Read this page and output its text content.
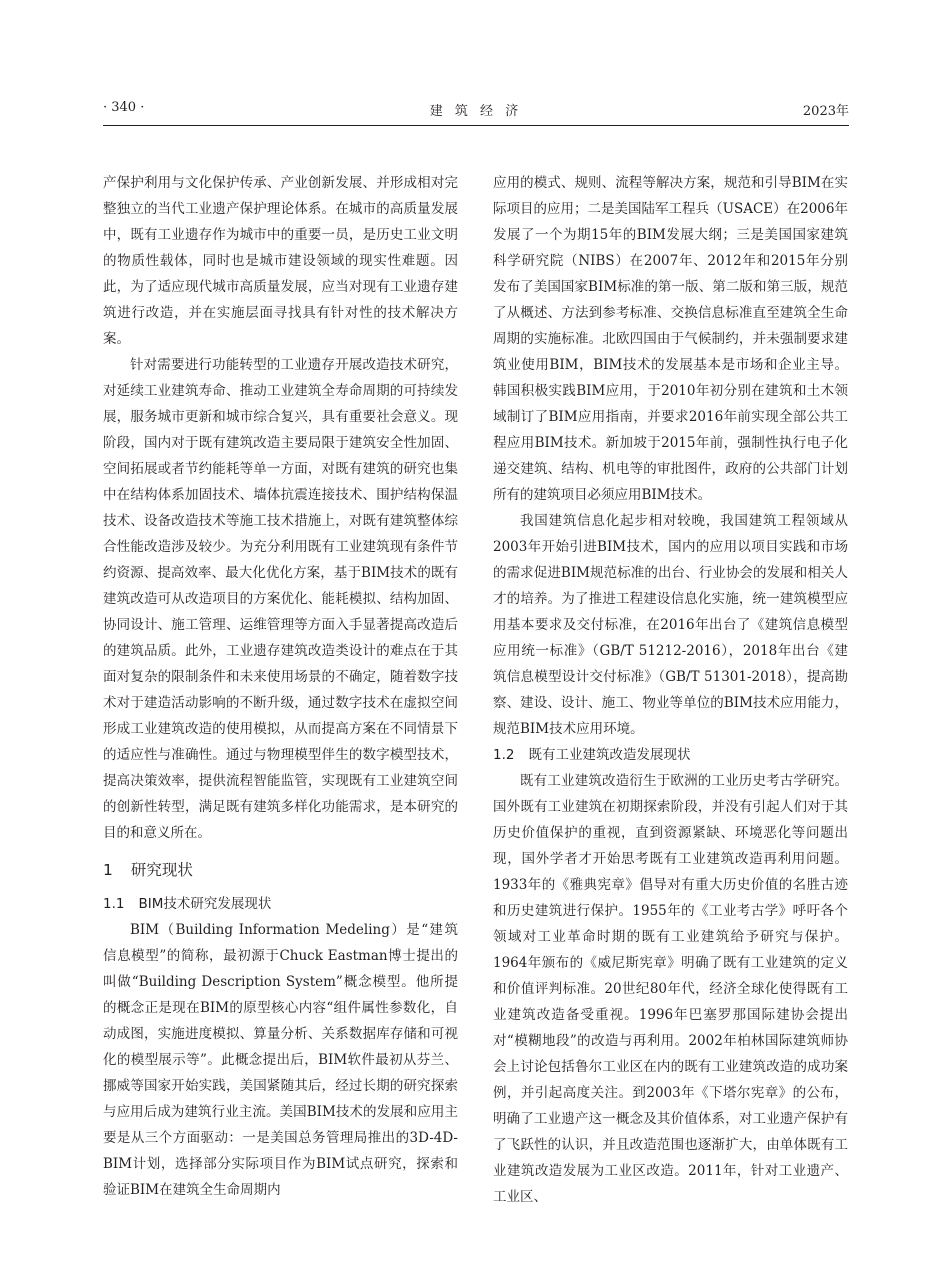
· 340 ·	建 筑 经 济	2023年

产保护利用与文化保护传承、产业创新发展、并形成相对完整独立的当代工业遗产保护理论体系。在城市的高质量发展中，既有工业遗存作为城市中的重要一员，是历史工业文明的物质性载体，同时也是城市建设领域的现实性难题。因此，为了适应现代城市高质量发展，应当对现有工业遗存建筑进行改造，并在实施层面寻找具有针对性的技术解决方案。

针对需要进行功能转型的工业遗存开展改造技术研究，对延续工业建筑寿命、推动工业建筑全寿命周期的可持续发展，服务城市更新和城市综合复兴，具有重要社会意义。现阶段，国内对于既有建筑改造主要局限于建筑安全性加固、空间拓展或者节约能耗等单一方面，对既有建筑的研究也集中在结构体系加固技术、墙体抗震连接技术、围护结构保温技术、设备改造技术等施工技术措施上，对既有建筑整体综合性能改造涉及较少。为充分利用既有工业建筑现有条件节约资源、提高效率、最大化优化方案，基于BIM技术的既有建筑改造可从改造项目的方案优化、能耗模拟、结构加固、协同设计、施工管理、运维管理等方面入手显著提高改造后的建筑品质。此外，工业遗存建筑改造类设计的难点在于其面对复杂的限制条件和未来使用场景的不确定，随着数字技术对于建造活动影响的不断升级，通过数字技术在虚拟空间形成工业建筑改造的使用模拟，从而提高方案在不同情景下的适应性与准确性。通过与物理模型伴生的数字模型技术，提高决策效率，提供流程智能监管，实现既有工业建筑空间的创新性转型，满足既有建筑多样化功能需求，是本研究的目的和意义所在。

1 研究现状
1.1 BIM技术研究发展现状

BIM（Building Information Medeling）是“建筑信息模型”的简称，最初源于Chuck Eastman博士提出的叫做“Building Description System”概念模型。他所提的概念正是现在BIM的原型核心内容“组件属性参数化，自动成图，实施进度模拟、算量分析、关系数据库存储和可视化的模型展示等”。此概念提出后，BIM软件最初从芬兰、挪威等国家开始实践，美国紧随其后，经过长期的研究探索与应用后成为建筑行业主流。美国BIM技术的发展和应用主要是从三个方面驱动：一是美国总务管理局推出的3D-4D-BIM计划，选择部分实际项目作为BIM试点研究，探索和验证BIM在建筑全生命周期内

应用的模式、规则、流程等解决方案，规范和引导BIM在实际项目的应用；二是美国陆军工程兵（USACE）在2006年发展了一个为期15年的BIM发展大纲；三是美国国家建筑科学研究院（NIBS）在2007年、2012年和2015年分别发布了美国国家BIM标准的第一版、第二版和第三版，规范了从概述、方法到参考标准、交换信息标准直至建筑全生命周期的实施标准。北欧四国由于气候制约，并未强制要求建筑业使用BIM，BIM技术的发展基本是市场和企业主导。韩国积极实践BIM应用，于2010年初分别在建筑和土木领域制订了BIM应用指南，并要求2016年前实现全部公共工程应用BIM技术。新加坡于2015年前，强制性执行电子化递交建筑、结构、机电等的审批图件，政府的公共部门计划所有的建筑项目必须应用BIM技术。

我国建筑信息化起步相对较晚，我国建筑工程领域从2003年开始引进BIM技术，国内的应用以项目实践和市场的需求促进BIM规范标准的出台、行业协会的发展和相关人才的培养。为了推进工程建设信息化实施，统一建筑模型应用基本要求及交付标准，在2016年出台了《建筑信息模型应用统一标准》（GB/T 51212-2016），2018年出台《建筑信息模型设计交付标准》（GB/T 51301-2018），提高勘察、建设、设计、施工、物业等单位的BIM技术应用能力，规范BIM技术应用环境。

1.2 既有工业建筑改造发展现状

既有工业建筑改造衍生于欧洲的工业历史考古学研究。国外既有工业建筑在初期探索阶段，并没有引起人们对于其历史价值保护的重视，直到资源紧缺、环境恶化等问题出现，国外学者才开始思考既有工业建筑改造再利用问题。1933年的《雅典宪章》倡导对有重大历史价值的名胜古迹和历史建筑进行保护。1955年的《工业考古学》呼吁各个领域对工业革命时期的既有工业建筑给予研究与保护。1964年颁布的《威尼斯宪章》明确了既有工业建筑的定义和价值评判标准。20世纪80年代，经济全球化使得既有工业建筑改造备受重视。1996年巴塞罗那国际建协会提出对“模糊地段”的改造与再利用。2002年柏林国际建筑师协会上讨论包括鲁尔工业区在内的既有工业建筑改造的成功案例，并引起高度关注。到2003年《下塔尔宪章》的公布，明确了工业遗产这一概念及其价值体系，对工业遗产保护有了飞跃性的认识，并且改造范围也逐渐扩大，由单体既有工业建筑改造发展为工业区改造。2011年，针对工业遗产、工业区、
